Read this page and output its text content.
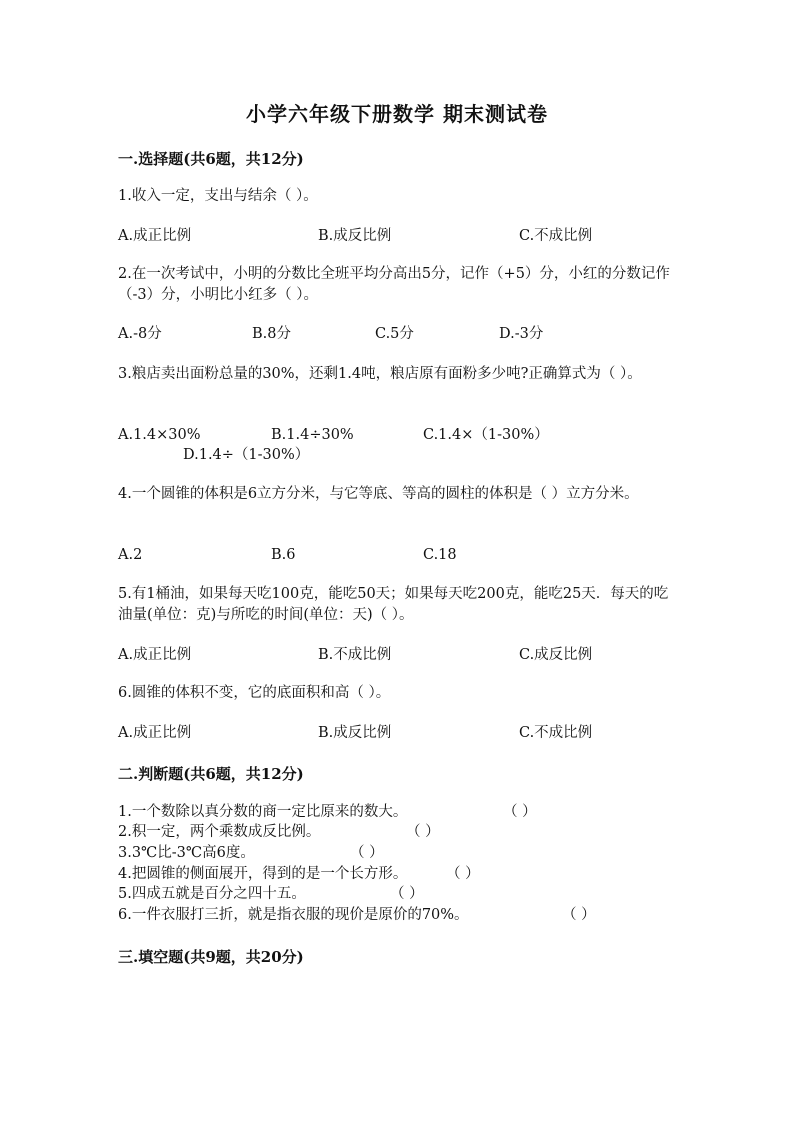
小学六年级下册数学 期末测试卷
一.选择题(共6题，共12分)
1.收入一定，支出与结余（ ）。
A.成正比例	B.成反比例	C.不成比例
2.在一次考试中，小明的分数比全班平均分高出5分，记作（+5）分，小红的分数记作（-3）分，小明比小红多（ ）。
A.-8分	B.8分	C.5分	D.-3分
3.粮店卖出面粉总量的30%，还剩1.4吨，粮店原有面粉多少吨?正确算式为（ ）。
A.1.4×30%	B.1.4÷30%	C.1.4×（1-30%）
D.1.4÷（1-30%）
4.一个圆锥的体积是6立方分米，与它等底、等高的圆柱的体积是（ ）立方分米。
A.2	B.6	C.18
5.有1桶油，如果每天吃100克，能吃50天；如果每天吃200克，能吃25天．每天的吃油量(单位：克)与所吃的时间(单位：天)（ ）。
A.成正比例	B.不成比例	C.成反比例
6.圆锥的体积不变，它的底面积和高（ ）。
A.成正比例	B.成反比例	C.不成比例
二.判断题(共6题，共12分)
1.一个数除以真分数的商一定比原来的数大。	（ ）
2.积一定，两个乘数成反比例。	（ ）
3.3℃比-3℃高6度。	（ ）
4.把圆锥的侧面展开，得到的是一个长方形。	（ ）
5.四成五就是百分之四十五。	（ ）
6.一件衣服打三折，就是指衣服的现价是原价的70%。	（ ）
三.填空题(共9题，共20分)
